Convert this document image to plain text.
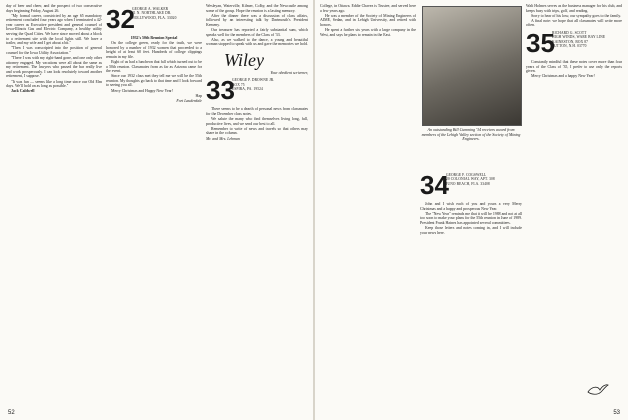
day of beer and cheer, and the prospect of two consecutive days beginning Friday, August 26.

"My formal career, constricted by an age 65 mandatory retirement concluded four years ago when I terminated a 42-year career as Executive president and general counsel of Iowa-Illinois Gas and Electric Company, a healthy utility serving the Quad Cities. We have since moved about a block to a retirement site with the local lights still. We have a trailer, and my wife and I get about a bit."

"Then I was conscripted into the position of general counsel for the Iowa Utility Association."

"There I was with my right-hand gone, and one only other attorney engaged. My vacations were all about the same as my retirement. The lawyers who passed the bar really live and work prosperously. I can look resolutely toward another retirement, I suppose."

"It was fun — seems like a long time since our Old Elm days. We'll hold on as long as possible."

Jack Caldwell

32
GEORGE A. WALKER
41 N. NORTHLAKE DR.
HOLLYWOOD, FLA. 33020

1932's 50th Reunion Special

On the college green, ready for the truth, we were honored by a number of 1932 women that proceeded to a height of at least 60 feet. Hundreds of college clippings remain in my file.

Eight of us had a luncheon that fall which turned out to be a 50th reunion. Classmates from as far as Arizona came for the event.

Since our 1932 class met they tell me we will be the 55th reunion. My thoughts go back to that time and I look forward to seeing you all.

Merry Christmas and Happy New Year!

Hap

Fort Lauderdale

Wesleyan, Waterville, Kilmer, Colby, and the Newcastle among some of the group. Hope the reunion is a lasting memory.

After the dinner there was a discussion of class affairs, followed by an interesting talk by Dartmouth's President Kemeny.

Our treasurer has reported a fairly substantial sum, which speaks well for the members of the Class of '33.

Also, as we walked to the dance, a young and beautiful woman stopped to speak with us and gave the memories we hold.

Wiley

Your obedient scrivener,

33
GEORGE P. DROWNE JR.
BOX 75
ESPIRA, PA. 19524

There seems to be a dearth of personal news from classmates for the December class notes.

We salute the many who find themselves living long, full, productive lives, and we send our best to all.

Remember to write of news and travels so that others may share in the column.

Mr. and Mrs. Lehman

52

College, in Ottawa. Eddie Chavez is Trustee, and served here a few years ago.

He was a member of the Society of Mining Engineers of AIME, Sedan, and in Lehigh University, and retired with honors.

He spent a further six years with a large company in the West, and says he plans to remain in the East.

An outstanding Bill Cumming '34 receives award from members of the Lehigh Valley section of the Society of Mining Engineers.
34
GEORGE F. COGSWELL
20 COLONIAL WAY, APT. 308
JUNO BEACH, FLA. 33408

John and I wish each of you and yours a very Merry Christmas and a happy and prosperous New Year.

The "New Year" reminds me that it will be 1988 and not at all too soon to make your plans for the 55th reunion in June of 1989. President Frank Haines has appointed several committees.

Keep those letters and notes coming in, and I will include your news here.

Walt Holmes serves as the business manager for his club, and keeps busy with trips, golf, and reading.

Sorry to hear of his loss; our sympathy goes to the family.

A final note: we hope that all classmates will write more often.

35
RICHARD G. SCOTT
HIGH WINDS, WARE BAY LINE
KAINESTON, BOX 87
SUTTON, N.H. 03770

Constantly mindful that these notes cover more than four years of the Class of '35, I prefer to use only the reports given.

Merry Christmas and a happy New Year!

53
